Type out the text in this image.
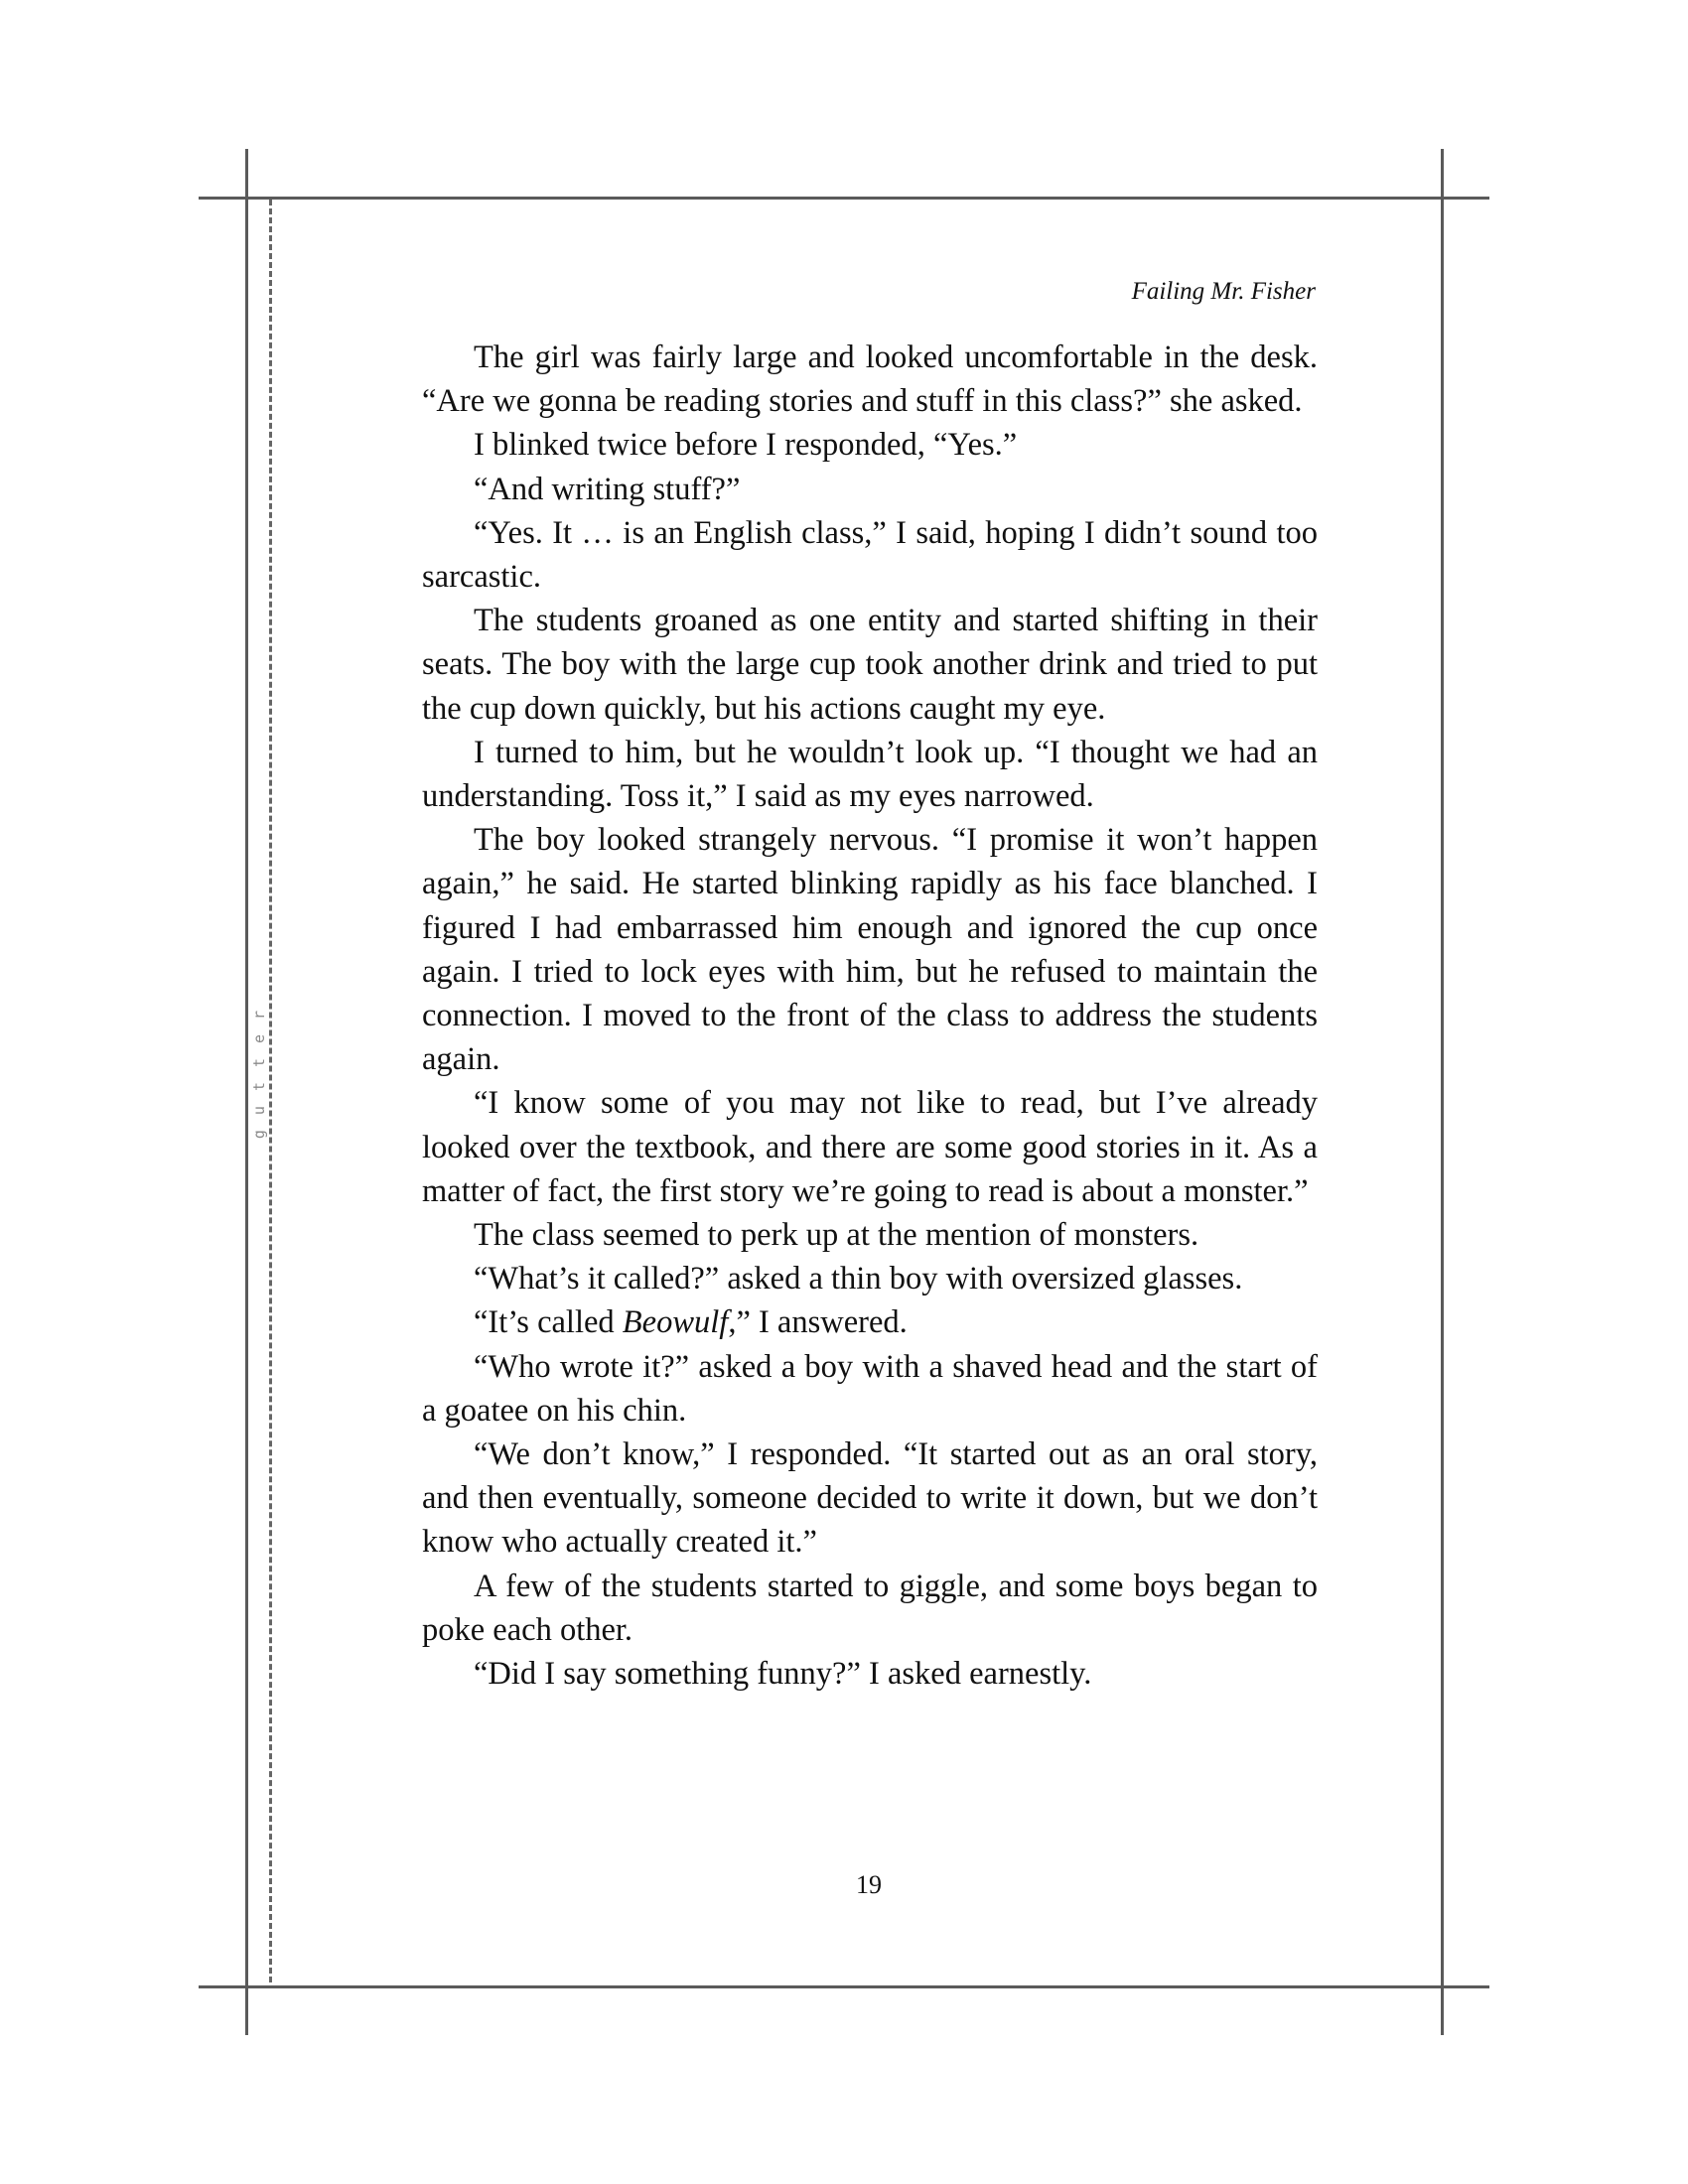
gutter
Failing Mr. Fisher

The girl was fairly large and looked uncomfortable in the desk. “Are we gonna be reading stories and stuff in this class?” she asked.

I blinked twice before I responded, “Yes.”

“And writing stuff?”

“Yes. It … is an English class,” I said, hoping I didn’t sound too sarcastic.

The students groaned as one entity and started shifting in their seats. The boy with the large cup took another drink and tried to put the cup down quickly, but his actions caught my eye.

I turned to him, but he wouldn’t look up. “I thought we had an understanding. Toss it,” I said as my eyes narrowed.

The boy looked strangely nervous. “I promise it won’t happen again,” he said. He started blinking rapidly as his face blanched. I figured I had embarrassed him enough and ignored the cup once again. I tried to lock eyes with him, but he refused to maintain the connection. I moved to the front of the class to address the students again.

“I know some of you may not like to read, but I’ve already looked over the textbook, and there are some good stories in it. As a matter of fact, the first story we’re going to read is about a monster.”

The class seemed to perk up at the mention of monsters.

“What’s it called?” asked a thin boy with oversized glasses.

“It’s called Beowulf,” I answered.

“Who wrote it?” asked a boy with a shaved head and the start of a goatee on his chin.

“We don’t know,” I responded. “It started out as an oral story, and then eventually, someone decided to write it down, but we don’t know who actually created it.”

A few of the students started to giggle, and some boys began to poke each other.

“Did I say something funny?” I asked earnestly.

19
